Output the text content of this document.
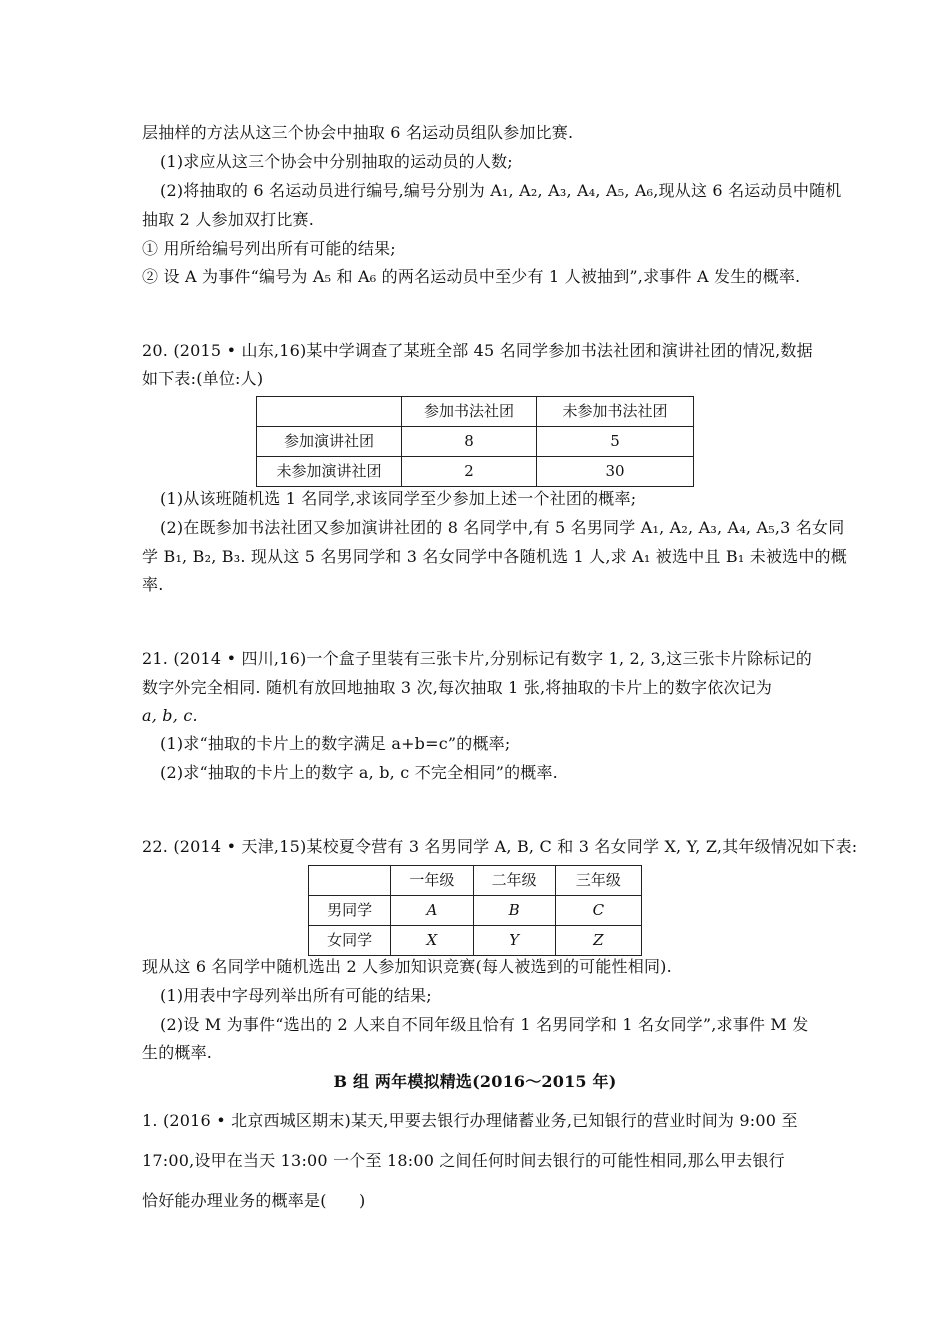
层抽样的方法从这三个协会中抽取 6 名运动员组队参加比赛.
(1)求应从这三个协会中分别抽取的运动员的人数;
(2)将抽取的 6 名运动员进行编号,编号分别为 A₁, A₂, A₃, A₄, A₅, A₆,现从这 6 名运动员中随机
抽取 2 人参加双打比赛.
① 用所给编号列出所有可能的结果;
② 设 A 为事件“编号为 A₅ 和 A₆ 的两名运动员中至少有 1 人被抽到”,求事件 A 发生的概率.
20. (2015 • 山东,16)某中学调查了某班全部 45 名同学参加书法社团和演讲社团的情况,数据
如下表:(单位:人)
	参加书法社团	未参加书法社团
参加演讲社团	8	5
未参加演讲社团	2	30
(1)从该班随机选 1 名同学,求该同学至少参加上述一个社团的概率;
(2)在既参加书法社团又参加演讲社团的 8 名同学中,有 5 名男同学 A₁, A₂, A₃, A₄, A₅,3 名女同
学 B₁, B₂, B₃. 现从这 5 名男同学和 3 名女同学中各随机选 1 人,求 A₁ 被选中且 B₁ 未被选中的概
率.
21. (2014 • 四川,16)一个盒子里装有三张卡片,分别标记有数字 1, 2, 3,这三张卡片除标记的
数字外完全相同. 随机有放回地抽取 3 次,每次抽取 1 张,将抽取的卡片上的数字依次记为
a, b, c.
(1)求“抽取的卡片上的数字满足 a+b=c”的概率;
(2)求“抽取的卡片上的数字 a, b, c 不完全相同”的概率.
22. (2014 • 天津,15)某校夏令营有 3 名男同学 A, B, C 和 3 名女同学 X, Y, Z,其年级情况如下表:
	一年级	二年级	三年级
男同学	A	B	C
女同学	X	Y	Z
现从这 6 名同学中随机选出 2 人参加知识竞赛(每人被选到的可能性相同).
(1)用表中字母列举出所有可能的结果;
(2)设 M 为事件“选出的 2 人来自不同年级且恰有 1 名男同学和 1 名女同学”,求事件 M 发
生的概率.
B 组 两年模拟精选(2016～2015 年)
1. (2016 • 北京西城区期末)某天,甲要去银行办理储蓄业务,已知银行的营业时间为 9:00 至
17:00,设甲在当天 13:00 一个至 18:00 之间任何时间去银行的可能性相同,那么甲去银行
恰好能办理业务的概率是(　　)
